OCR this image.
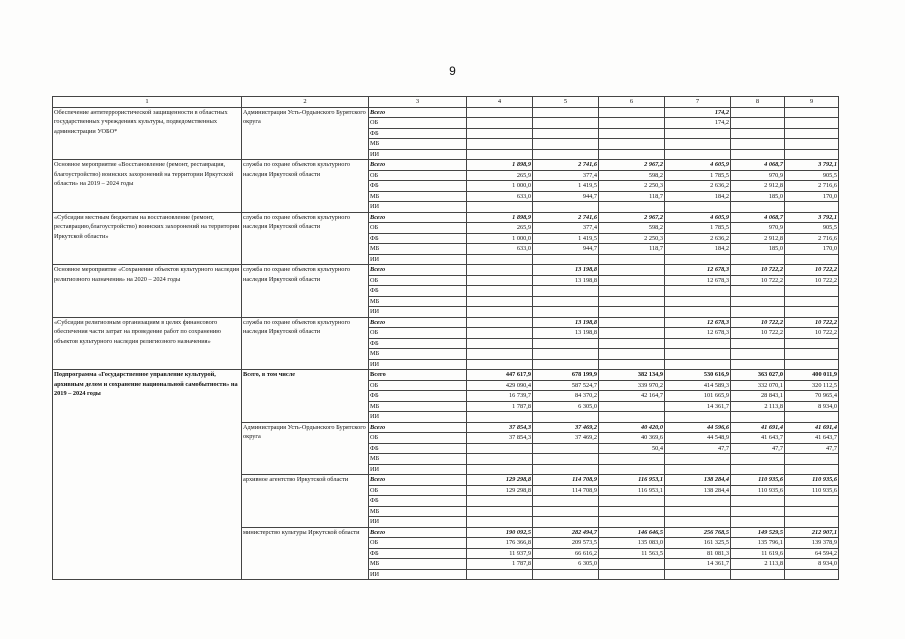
9
1	2	3	4	5	6	7	8	9
Обеспечение антитеррористической защищенности в областных государственных учреждениях культуры, подведомственных администрации УОБО*	Администрация Усть-Ордынского Бурятского округа	Всего				174,2		
		ОБ				174,2		
		ФБ						
		МБ						
		ИИ						
Основное мероприятие «Восстановление (ремонт, реставрация, благоустройство) воинских захоронений на территории Иркутской области» на 2019 – 2024 годы	служба по охране объектов культурного наследия Иркутской области	Всего	1 898,9	2 741,6	2 967,2	4 605,9	4 068,7	3 792,1
		ОБ	265,9	377,4	598,2	1 785,5	970,9	905,5
		ФБ	1 000,0	1 419,5	2 250,3	2 636,2	2 912,8	2 716,6
		МБ	633,0	944,7	118,7	184,2	185,0	170,0
		ИИ						
«Субсидии местным бюджетам на восстановление (ремонт, реставрацию,благоустройство) воинских захоронений на территории Иркутской области»	служба по охране объектов культурного наследия Иркутской области	Всего	1 898,9	2 741,6	2 967,2	4 605,9	4 068,7	3 792,1
		ОБ	265,9	377,4	598,2	1 785,5	970,9	905,5
		ФБ	1 000,0	1 419,5	2 250,3	2 636,2	2 912,8	2 716,6
		МБ	633,0	944,7	118,7	184,2	185,0	170,0
		ИИ						
Основное мероприятие «Сохранение объектов культурного наследия религиозного назначения» на 2020 – 2024 годы	служба по охране объектов культурного наследия Иркутской области	Всего		13 198,8		12 678,3	10 722,2	10 722,2
		ОБ		13 198,8		12 678,3	10 722,2	10 722,2
		ФБ						
		МБ						
		ИИ						
«Субсидии религиозным организациям в целях финансового обеспечения части затрат на проведение работ по сохранению объектов культурного наследия религиозного назначения»	служба по охране объектов культурного наследия Иркутской области	Всего		13 198,8		12 678,3	10 722,2	10 722,2
		ОБ		13 198,8		12 678,3	10 722,2	10 722,2
		ФБ						
		МБ						
		ИИ						
Подпрограмма «Государственное управление культурой, архивным делом и сохранение национальной самобытности» на 2019 – 2024 годы	Всего, в том числе	Всего	447 617,9	678 199,9	382 134,9	530 616,9	363 027,0	400 011,9
		ОБ	429 090,4	587 524,7	339 970,2	414 589,3	332 070,1	320 112,5
		ФБ	16 739,7	84 370,2	42 164,7	101 665,9	28 843,1	70 965,4
		МБ	1 787,8	6 305,0		14 361,7	2 113,8	8 934,0
		ИИ						
	Администрация Усть-Ордынского Бурятского округа	Всего	37 854,3	37 469,2	40 420,0	44 596,6	41 691,4	41 691,4
		ОБ	37 854,3	37 469,2	40 369,6	44 548,9	41 643,7	41 643,7
		ФБ			50,4	47,7	47,7	47,7
		МБ						
		ИИ						
	архивное агентство Иркутской области	Всего	129 298,8	114 708,9	116 953,1	138 284,4	110 935,6	110 935,6
		ОБ	129 298,8	114 708,9	116 953,1	138 284,4	110 935,6	110 935,6
		ФБ						
		МБ						
		ИИ						
	министерство культуры Иркутской области	Всего	190 092,5	282 494,7	146 646,5	256 768,5	149 529,5	212 907,1
		ОБ	176 366,8	209 573,5	135 083,0	161 325,5	135 796,1	139 378,9
		ФБ	11 937,9	66 616,2	11 563,5	81 081,3	11 619,6	64 594,2
		МБ	1 787,8	6 305,0		14 361,7	2 113,8	8 934,0
		ИИ						
